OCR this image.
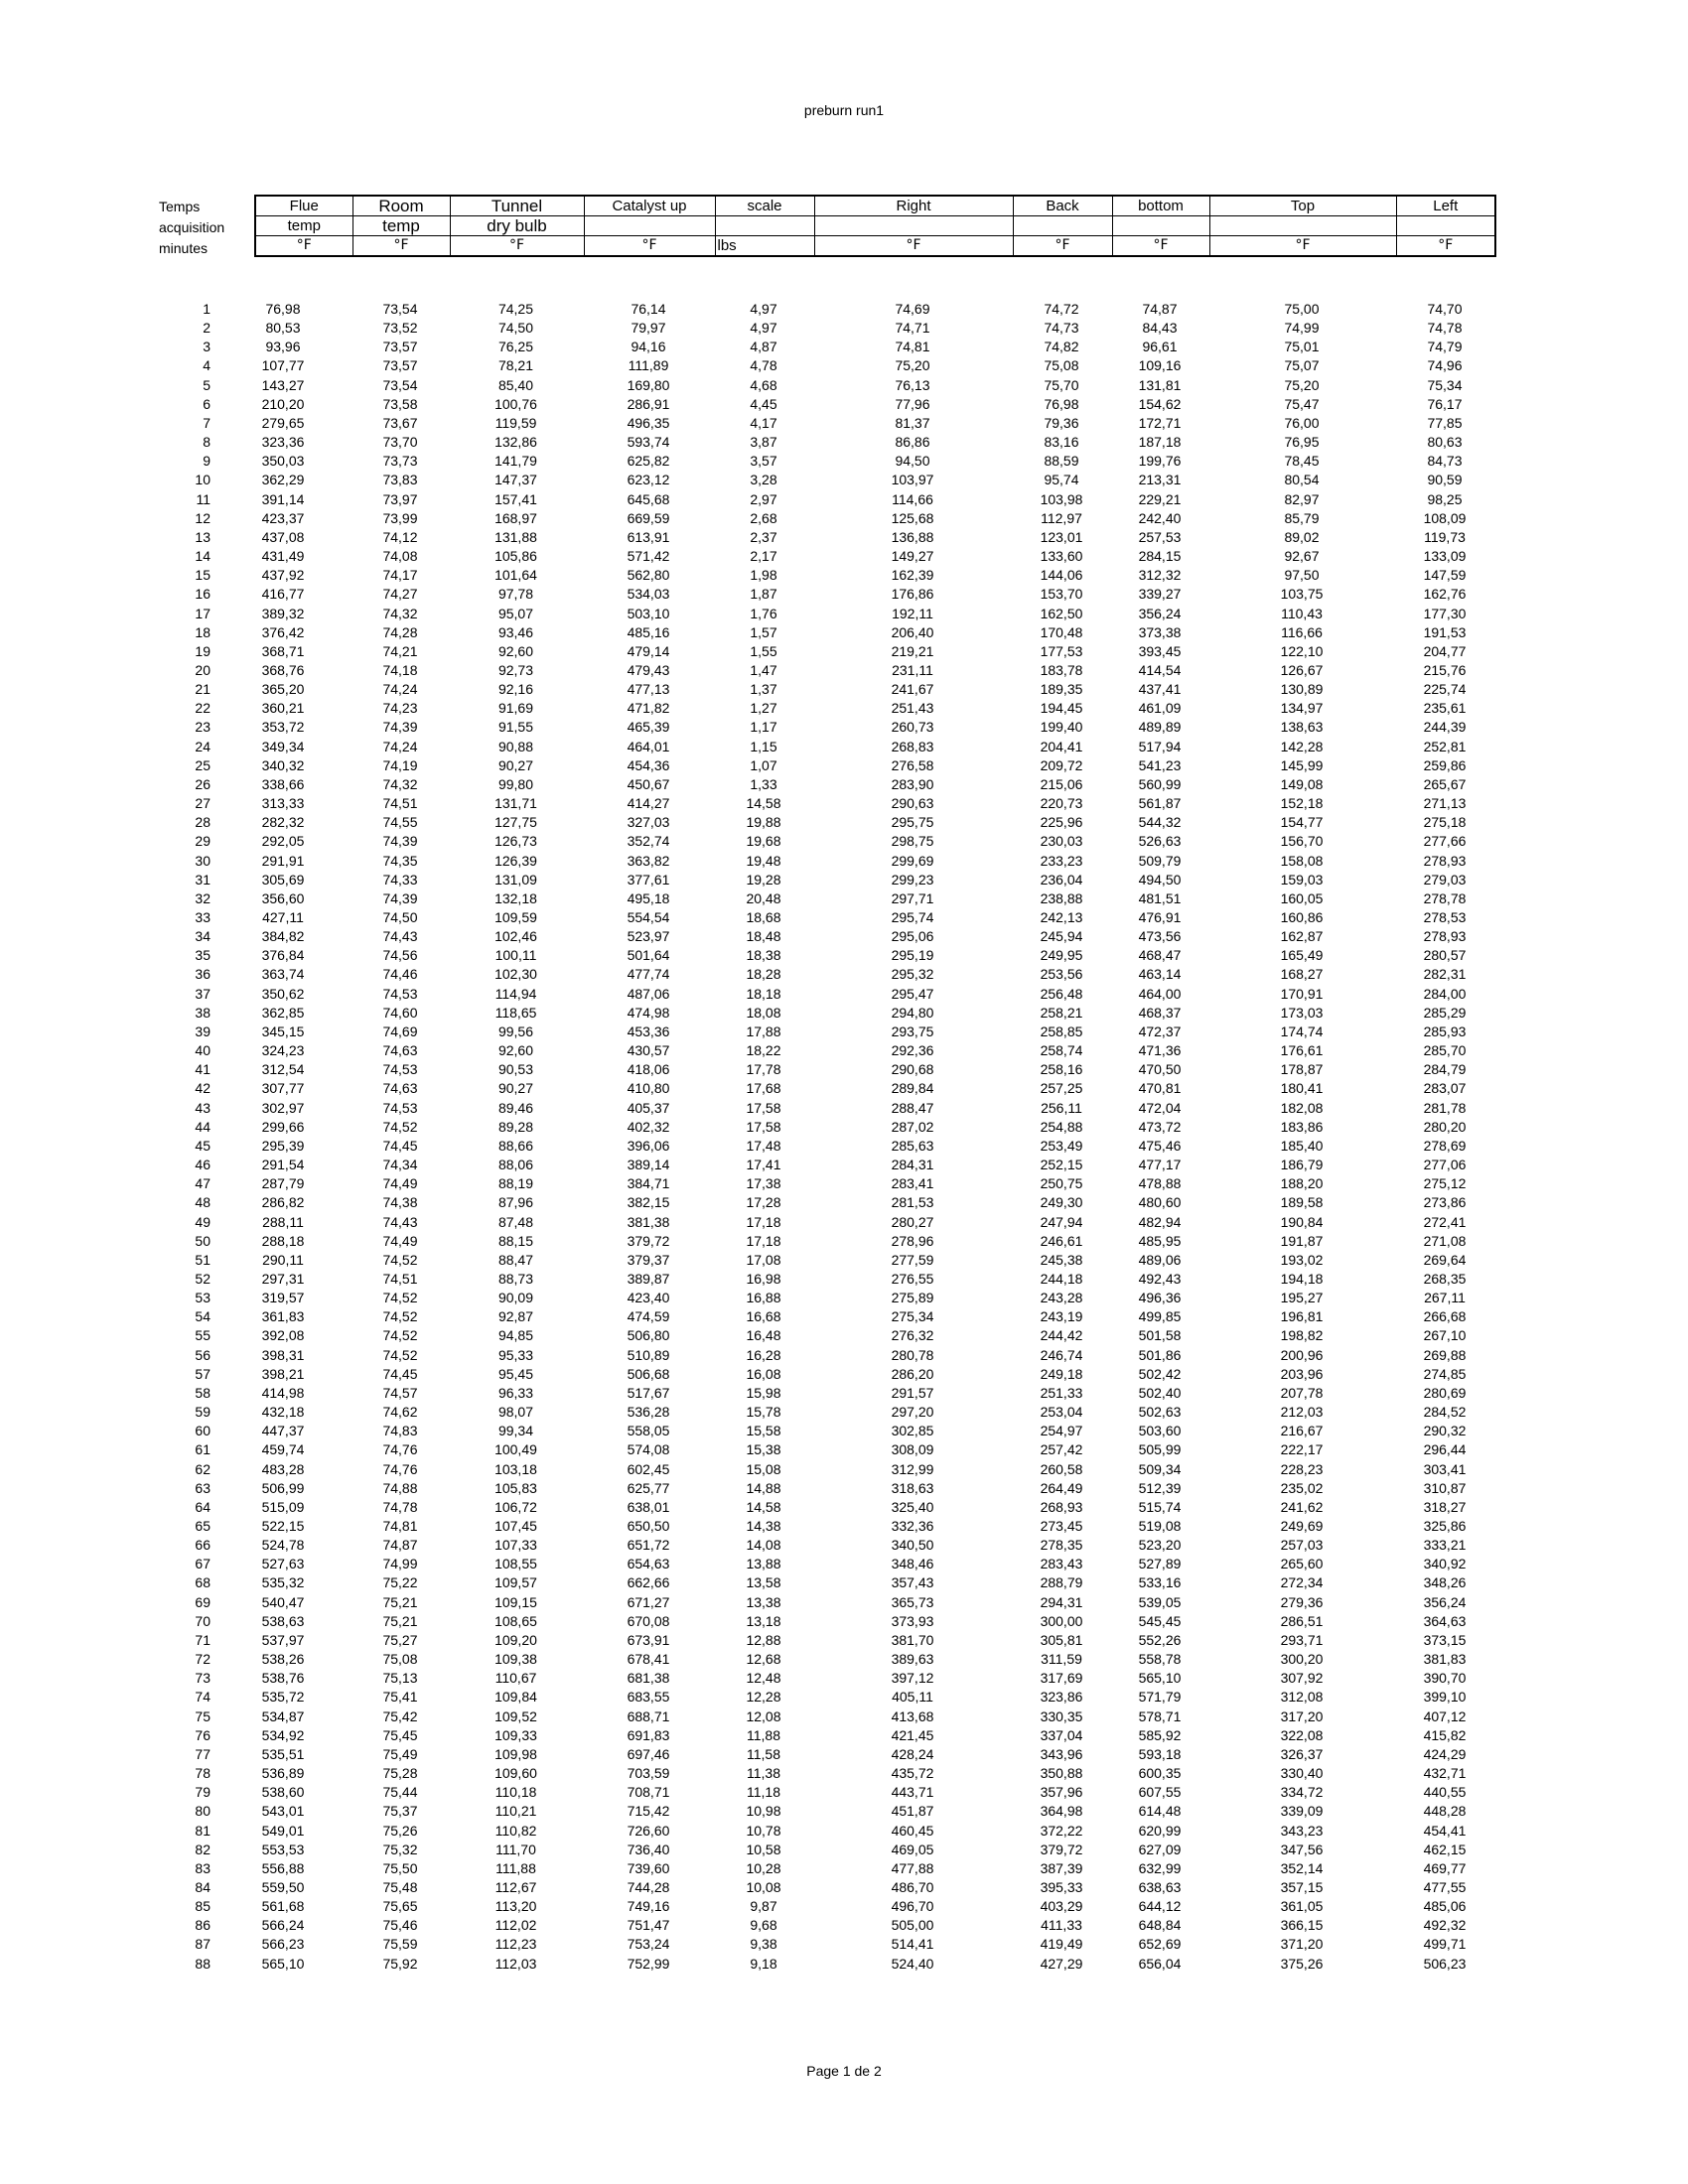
preburn run1
Temps
acquisition
minutes
Flue	Room	Tunnel	Catalyst up	scale	Right	Back	bottom	Top	Left
temp	temp	dry bulb							
°F	°F	°F	°F	lbs	°F	°F	°F	°F	°F
1	76,98	73,54	74,25	76,14	4,97	74,69	74,72	74,87	75,00	74,70
2	80,53	73,52	74,50	79,97	4,97	74,71	74,73	84,43	74,99	74,78
3	93,96	73,57	76,25	94,16	4,87	74,81	74,82	96,61	75,01	74,79
4	107,77	73,57	78,21	111,89	4,78	75,20	75,08	109,16	75,07	74,96
5	143,27	73,54	85,40	169,80	4,68	76,13	75,70	131,81	75,20	75,34
6	210,20	73,58	100,76	286,91	4,45	77,96	76,98	154,62	75,47	76,17
7	279,65	73,67	119,59	496,35	4,17	81,37	79,36	172,71	76,00	77,85
8	323,36	73,70	132,86	593,74	3,87	86,86	83,16	187,18	76,95	80,63
9	350,03	73,73	141,79	625,82	3,57	94,50	88,59	199,76	78,45	84,73
10	362,29	73,83	147,37	623,12	3,28	103,97	95,74	213,31	80,54	90,59
11	391,14	73,97	157,41	645,68	2,97	114,66	103,98	229,21	82,97	98,25
12	423,37	73,99	168,97	669,59	2,68	125,68	112,97	242,40	85,79	108,09
13	437,08	74,12	131,88	613,91	2,37	136,88	123,01	257,53	89,02	119,73
14	431,49	74,08	105,86	571,42	2,17	149,27	133,60	284,15	92,67	133,09
15	437,92	74,17	101,64	562,80	1,98	162,39	144,06	312,32	97,50	147,59
16	416,77	74,27	97,78	534,03	1,87	176,86	153,70	339,27	103,75	162,76
17	389,32	74,32	95,07	503,10	1,76	192,11	162,50	356,24	110,43	177,30
18	376,42	74,28	93,46	485,16	1,57	206,40	170,48	373,38	116,66	191,53
19	368,71	74,21	92,60	479,14	1,55	219,21	177,53	393,45	122,10	204,77
20	368,76	74,18	92,73	479,43	1,47	231,11	183,78	414,54	126,67	215,76
21	365,20	74,24	92,16	477,13	1,37	241,67	189,35	437,41	130,89	225,74
22	360,21	74,23	91,69	471,82	1,27	251,43	194,45	461,09	134,97	235,61
23	353,72	74,39	91,55	465,39	1,17	260,73	199,40	489,89	138,63	244,39
24	349,34	74,24	90,88	464,01	1,15	268,83	204,41	517,94	142,28	252,81
25	340,32	74,19	90,27	454,36	1,07	276,58	209,72	541,23	145,99	259,86
26	338,66	74,32	99,80	450,67	1,33	283,90	215,06	560,99	149,08	265,67
27	313,33	74,51	131,71	414,27	14,58	290,63	220,73	561,87	152,18	271,13
28	282,32	74,55	127,75	327,03	19,88	295,75	225,96	544,32	154,77	275,18
29	292,05	74,39	126,73	352,74	19,68	298,75	230,03	526,63	156,70	277,66
30	291,91	74,35	126,39	363,82	19,48	299,69	233,23	509,79	158,08	278,93
31	305,69	74,33	131,09	377,61	19,28	299,23	236,04	494,50	159,03	279,03
32	356,60	74,39	132,18	495,18	20,48	297,71	238,88	481,51	160,05	278,78
33	427,11	74,50	109,59	554,54	18,68	295,74	242,13	476,91	160,86	278,53
34	384,82	74,43	102,46	523,97	18,48	295,06	245,94	473,56	162,87	278,93
35	376,84	74,56	100,11	501,64	18,38	295,19	249,95	468,47	165,49	280,57
36	363,74	74,46	102,30	477,74	18,28	295,32	253,56	463,14	168,27	282,31
37	350,62	74,53	114,94	487,06	18,18	295,47	256,48	464,00	170,91	284,00
38	362,85	74,60	118,65	474,98	18,08	294,80	258,21	468,37	173,03	285,29
39	345,15	74,69	99,56	453,36	17,88	293,75	258,85	472,37	174,74	285,93
40	324,23	74,63	92,60	430,57	18,22	292,36	258,74	471,36	176,61	285,70
41	312,54	74,53	90,53	418,06	17,78	290,68	258,16	470,50	178,87	284,79
42	307,77	74,63	90,27	410,80	17,68	289,84	257,25	470,81	180,41	283,07
43	302,97	74,53	89,46	405,37	17,58	288,47	256,11	472,04	182,08	281,78
44	299,66	74,52	89,28	402,32	17,58	287,02	254,88	473,72	183,86	280,20
45	295,39	74,45	88,66	396,06	17,48	285,63	253,49	475,46	185,40	278,69
46	291,54	74,34	88,06	389,14	17,41	284,31	252,15	477,17	186,79	277,06
47	287,79	74,49	88,19	384,71	17,38	283,41	250,75	478,88	188,20	275,12
48	286,82	74,38	87,96	382,15	17,28	281,53	249,30	480,60	189,58	273,86
49	288,11	74,43	87,48	381,38	17,18	280,27	247,94	482,94	190,84	272,41
50	288,18	74,49	88,15	379,72	17,18	278,96	246,61	485,95	191,87	271,08
51	290,11	74,52	88,47	379,37	17,08	277,59	245,38	489,06	193,02	269,64
52	297,31	74,51	88,73	389,87	16,98	276,55	244,18	492,43	194,18	268,35
53	319,57	74,52	90,09	423,40	16,88	275,89	243,28	496,36	195,27	267,11
54	361,83	74,52	92,87	474,59	16,68	275,34	243,19	499,85	196,81	266,68
55	392,08	74,52	94,85	506,80	16,48	276,32	244,42	501,58	198,82	267,10
56	398,31	74,52	95,33	510,89	16,28	280,78	246,74	501,86	200,96	269,88
57	398,21	74,45	95,45	506,68	16,08	286,20	249,18	502,42	203,96	274,85
58	414,98	74,57	96,33	517,67	15,98	291,57	251,33	502,40	207,78	280,69
59	432,18	74,62	98,07	536,28	15,78	297,20	253,04	502,63	212,03	284,52
60	447,37	74,83	99,34	558,05	15,58	302,85	254,97	503,60	216,67	290,32
61	459,74	74,76	100,49	574,08	15,38	308,09	257,42	505,99	222,17	296,44
62	483,28	74,76	103,18	602,45	15,08	312,99	260,58	509,34	228,23	303,41
63	506,99	74,88	105,83	625,77	14,88	318,63	264,49	512,39	235,02	310,87
64	515,09	74,78	106,72	638,01	14,58	325,40	268,93	515,74	241,62	318,27
65	522,15	74,81	107,45	650,50	14,38	332,36	273,45	519,08	249,69	325,86
66	524,78	74,87	107,33	651,72	14,08	340,50	278,35	523,20	257,03	333,21
67	527,63	74,99	108,55	654,63	13,88	348,46	283,43	527,89	265,60	340,92
68	535,32	75,22	109,57	662,66	13,58	357,43	288,79	533,16	272,34	348,26
69	540,47	75,21	109,15	671,27	13,38	365,73	294,31	539,05	279,36	356,24
70	538,63	75,21	108,65	670,08	13,18	373,93	300,00	545,45	286,51	364,63
71	537,97	75,27	109,20	673,91	12,88	381,70	305,81	552,26	293,71	373,15
72	538,26	75,08	109,38	678,41	12,68	389,63	311,59	558,78	300,20	381,83
73	538,76	75,13	110,67	681,38	12,48	397,12	317,69	565,10	307,92	390,70
74	535,72	75,41	109,84	683,55	12,28	405,11	323,86	571,79	312,08	399,10
75	534,87	75,42	109,52	688,71	12,08	413,68	330,35	578,71	317,20	407,12
76	534,92	75,45	109,33	691,83	11,88	421,45	337,04	585,92	322,08	415,82
77	535,51	75,49	109,98	697,46	11,58	428,24	343,96	593,18	326,37	424,29
78	536,89	75,28	109,60	703,59	11,38	435,72	350,88	600,35	330,40	432,71
79	538,60	75,44	110,18	708,71	11,18	443,71	357,96	607,55	334,72	440,55
80	543,01	75,37	110,21	715,42	10,98	451,87	364,98	614,48	339,09	448,28
81	549,01	75,26	110,82	726,60	10,78	460,45	372,22	620,99	343,23	454,41
82	553,53	75,32	111,70	736,40	10,58	469,05	379,72	627,09	347,56	462,15
83	556,88	75,50	111,88	739,60	10,28	477,88	387,39	632,99	352,14	469,77
84	559,50	75,48	112,67	744,28	10,08	486,70	395,33	638,63	357,15	477,55
85	561,68	75,65	113,20	749,16	9,87	496,70	403,29	644,12	361,05	485,06
86	566,24	75,46	112,02	751,47	9,68	505,00	411,33	648,84	366,15	492,32
87	566,23	75,59	112,23	753,24	9,38	514,41	419,49	652,69	371,20	499,71
88	565,10	75,92	112,03	752,99	9,18	524,40	427,29	656,04	375,26	506,23
Page 1 de 2
